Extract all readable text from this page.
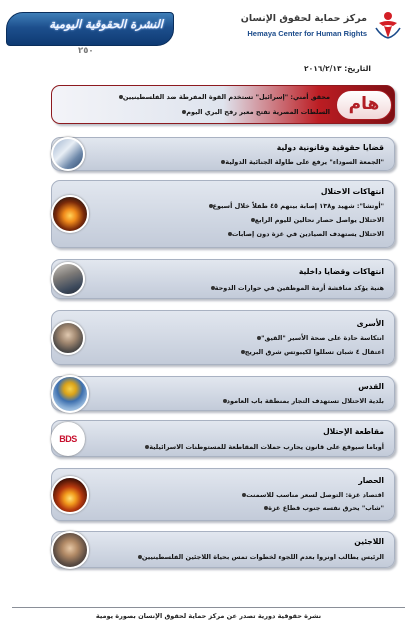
النشرة الحقوقية اليومية
٢٥٠
مركز حماية لحقوق الإنسان
Hemaya Center for Human Rights
التاريخ: ٢٠١٦/٢/١٣
هام
محقق أمني: "إسرائيل" تستخدم القوة المفرطة ضد الفلسطينيين
السلطات المصرية تفتح معبر رفح البري اليوم
قضايا حقوقية وقانونية دولية
"الجمعة السوداء" يرفع على طاولة الجنائية الدولية
انتهاكات الاحتلال
"أوتشا": شهيد و١٣٨ إصابة بينهم ٤٥ طفلاً خلال أسبوع
الاحتلال يواصل حصار نحالين لليوم الرابع
الاحتلال يستهدف الصيادين في غزة دون إصابات
انتهاكات وقضايا داخلية
هنية يؤكد مناقشة أزمة الموظفين في حوارات الدوحة
الأسرى
انتكاسة حادة على صحة الأسير "القيق"
اعتقال ٤ شبان تسللوا لكيبوتس شرق البريج
القدس
بلدية الاحتلال تستهدف التجار بمنطقة باب العامود
BDS
مقاطعة الإحتلال
أوباما سيوقع على قانون يحارب حملات المقاطعة للمستوطنات الاسرائيلية
الحصار
اقتصاد غزة: التوصل لسعر مناسب للاسمنت
"شاب" يحرق نفسه جنوب قطاع غزة
اللاجئين
الرئيس يطالب اونروا بعدم اللجوء لخطوات تمس بحياة اللاجئين الفلسطينيين
نشرة حقوقية دورية تصدر عن مركز حماية لحقوق الإنسان بصورة يومية
